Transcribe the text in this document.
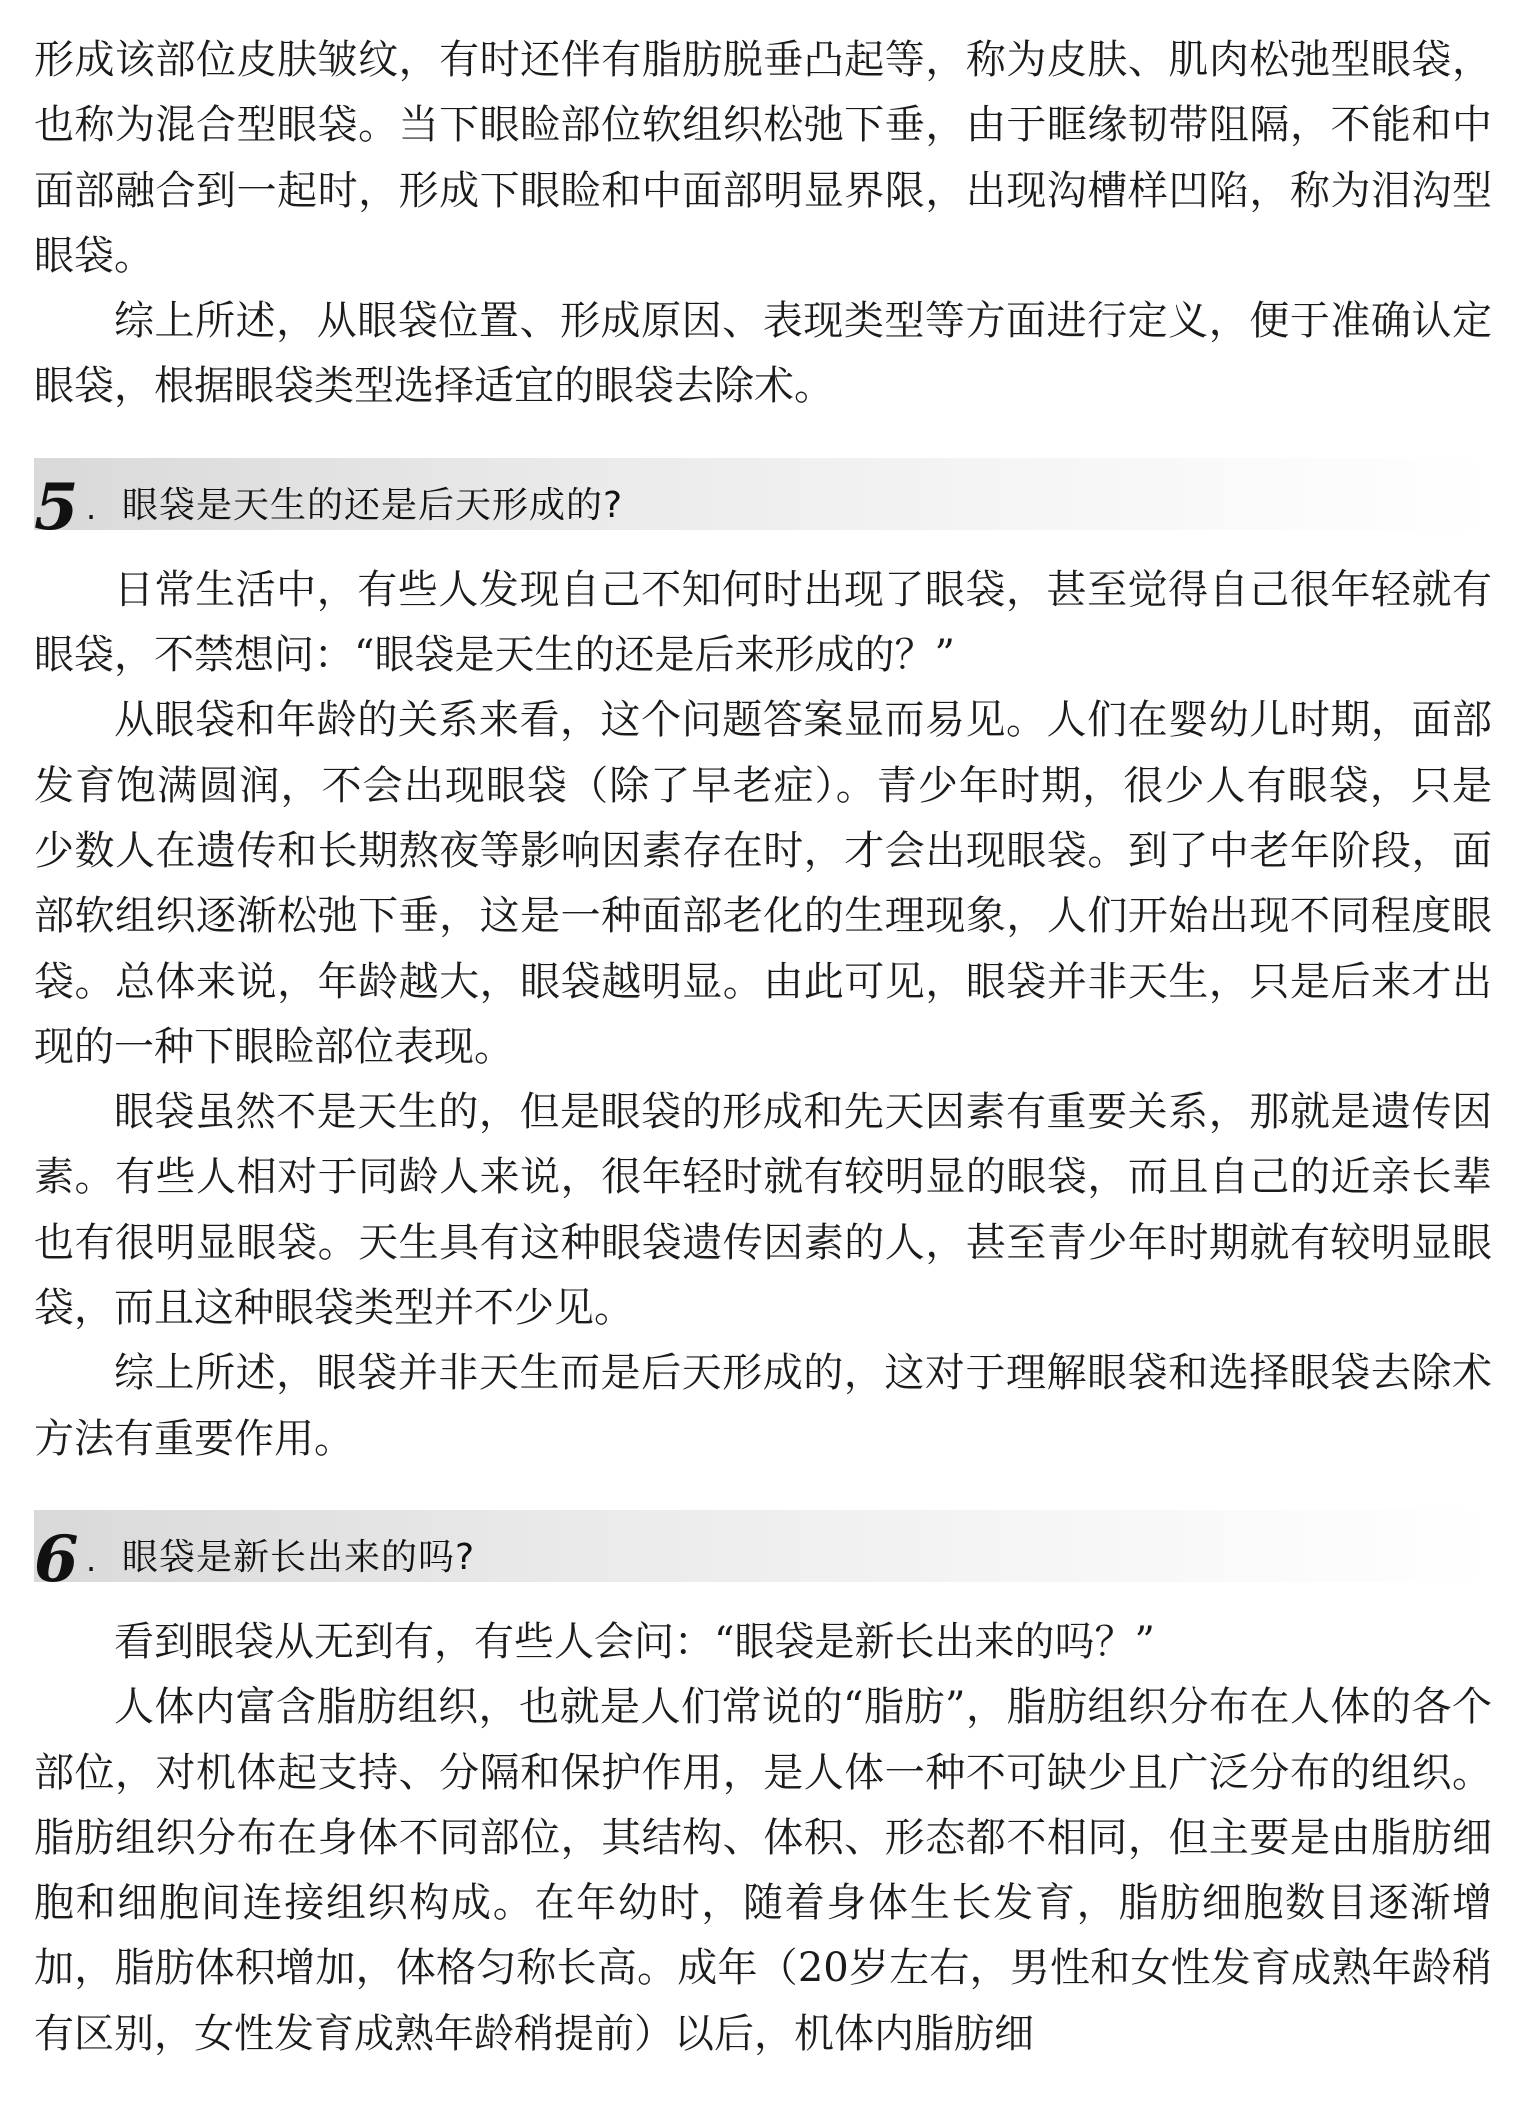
形成该部位皮肤皱纹，有时还伴有脂肪脱垂凸起等，称为皮肤、肌肉松弛型眼袋，也称为混合型眼袋。当下眼睑部位软组织松弛下垂，由于眶缘韧带阻隔，不能和中面部融合到一起时，形成下眼睑和中面部明显界限，出现沟槽样凹陷，称为泪沟型眼袋。

综上所述，从眼袋位置、形成原因、表现类型等方面进行定义，便于准确认定眼袋，根据眼袋类型选择适宜的眼袋去除术。

5 . 眼袋是天生的还是后天形成的?

日常生活中，有些人发现自己不知何时出现了眼袋，甚至觉得自己很年轻就有眼袋，不禁想问：“眼袋是天生的还是后来形成的？”

从眼袋和年龄的关系来看，这个问题答案显而易见。人们在婴幼儿时期，面部发育饱满圆润，不会出现眼袋（除了早老症）。青少年时期，很少人有眼袋，只是少数人在遗传和长期熬夜等影响因素存在时，才会出现眼袋。到了中老年阶段，面部软组织逐渐松弛下垂，这是一种面部老化的生理现象，人们开始出现不同程度眼袋。总体来说，年龄越大，眼袋越明显。由此可见，眼袋并非天生，只是后来才出现的一种下眼睑部位表现。

眼袋虽然不是天生的，但是眼袋的形成和先天因素有重要关系，那就是遗传因素。有些人相对于同龄人来说，很年轻时就有较明显的眼袋，而且自己的近亲长辈也有很明显眼袋。天生具有这种眼袋遗传因素的人，甚至青少年时期就有较明显眼袋，而且这种眼袋类型并不少见。

综上所述，眼袋并非天生而是后天形成的，这对于理解眼袋和选择眼袋去除术方法有重要作用。

6 . 眼袋是新长出来的吗?

看到眼袋从无到有，有些人会问：“眼袋是新长出来的吗？”

人体内富含脂肪组织，也就是人们常说的“脂肪”，脂肪组织分布在人体的各个部位，对机体起支持、分隔和保护作用，是人体一种不可缺少且广泛分布的组织。脂肪组织分布在身体不同部位，其结构、体积、形态都不相同，但主要是由脂肪细胞和细胞间连接组织构成。在年幼时，随着身体生长发育，脂肪细胞数目逐渐增加，脂肪体积增加，体格匀称长高。成年（20岁左右，男性和女性发育成熟年龄稍有区别，女性发育成熟年龄稍提前）以后，机体内脂肪细
